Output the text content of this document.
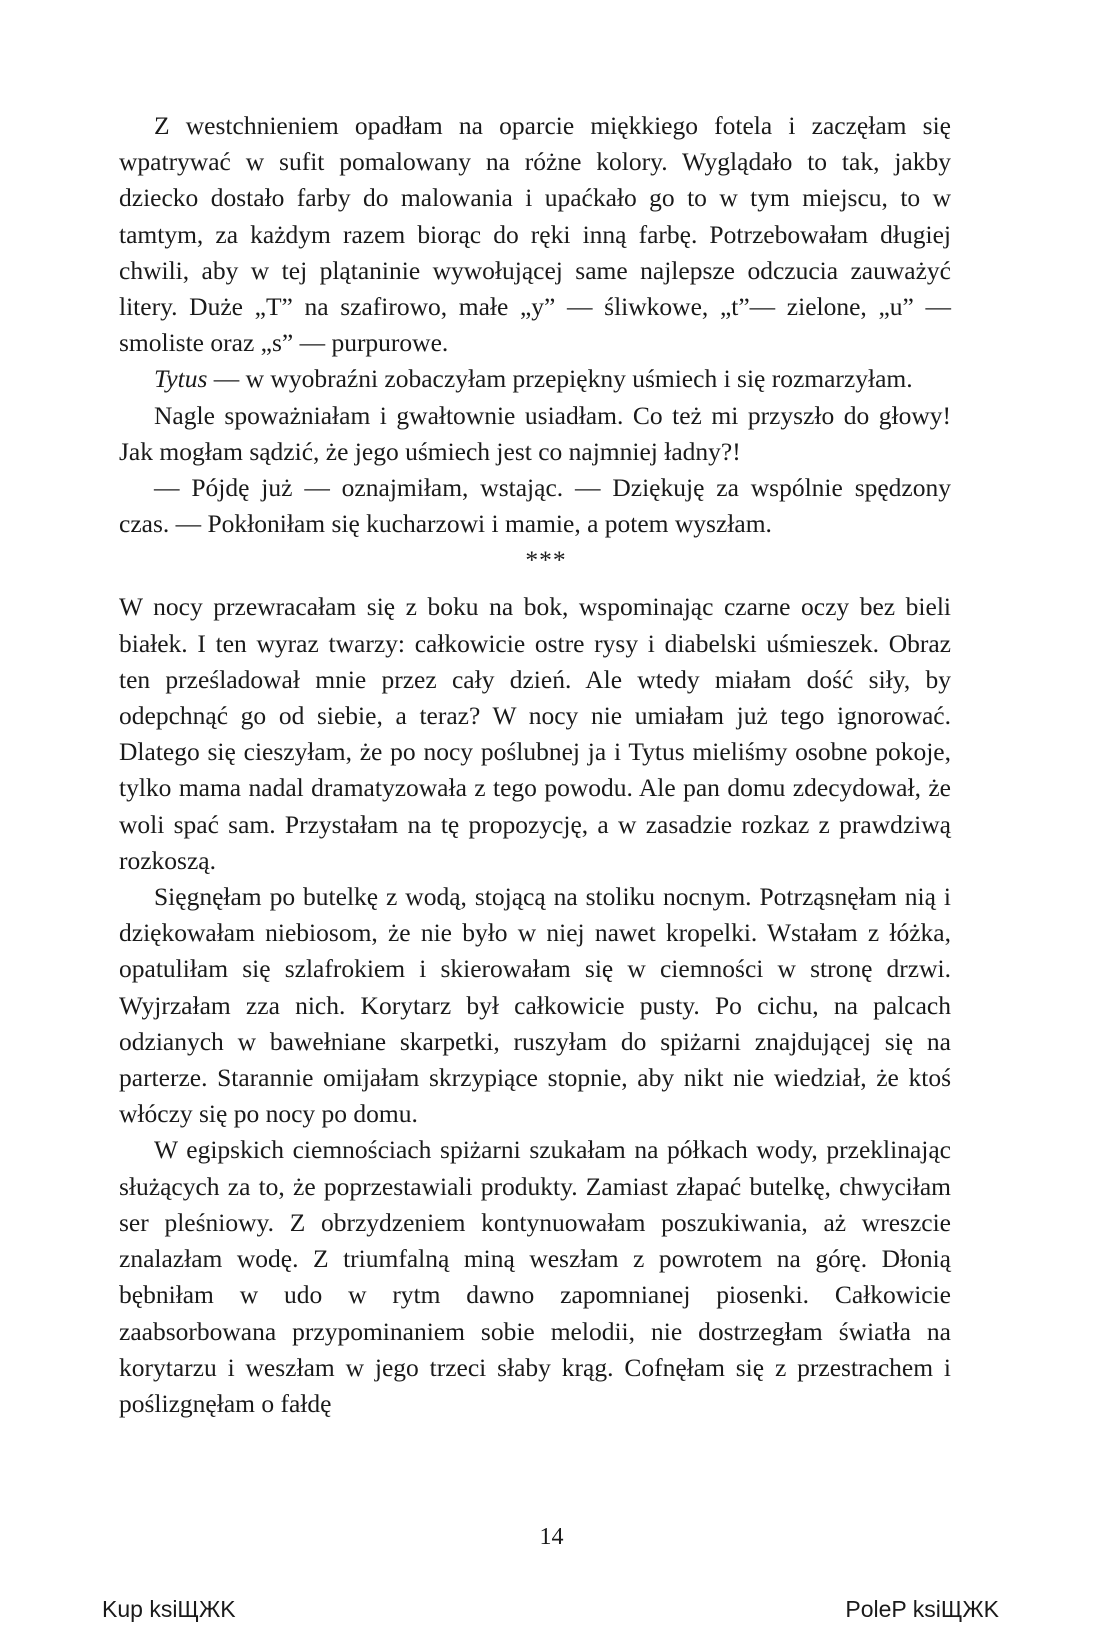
Z westchnieniem opadłam na oparcie miękkiego fotela i zaczęłam się wpatrywać w sufit pomalowany na różne kolory. Wyglądało to tak, jakby dziecko dostało farby do malowania i upaćkało go to w tym miejscu, to w tamtym, za każdym razem biorąc do ręki inną farbę. Potrzebowałam długiej chwili, aby w tej plątaninie wywołującej same najlepsze odczucia zauważyć litery. Duże „T” na szafirowo, małe „y” — śliwkowe, „t”— zielone, „u” — smoliste oraz „s” — purpurowe.

Tytus — w wyobraźni zobaczyłam przepiękny uśmiech i się rozmarzyłam.

Nagle spoważniałam i gwałtownie usiadłam. Co też mi przyszło do głowy! Jak mogłam sądzić, że jego uśmiech jest co najmniej ładny?!

— Pójdę już — oznajmiłam, wstając. — Dziękuję za wspólnie spędzony czas. — Pokłoniłam się kucharzowi i mamie, a potem wyszłam.

***

W nocy przewracałam się z boku na bok, wspominając czarne oczy bez bieli białek. I ten wyraz twarzy: całkowicie ostre rysy i diabelski uśmieszek. Obraz ten prześladował mnie przez cały dzień. Ale wtedy miałam dość siły, by odepchnąć go od siebie, a teraz? W nocy nie umiałam już tego ignorować. Dlatego się cieszyłam, że po nocy poślubnej ja i Tytus mieliśmy osobne pokoje, tylko mama nadal dramatyzowała z tego powodu. Ale pan domu zdecydował, że woli spać sam. Przystałam na tę propozycję, a w zasadzie rozkaz z prawdziwą rozkoszą.

Sięgnęłam po butelkę z wodą, stojącą na stoliku nocnym. Potrząsnęłam nią i dziękowałam niebiosom, że nie było w niej nawet kropelki. Wstałam z łóżka, opatuliłam się szlafrokiem i skierowałam się w ciemności w stronę drzwi. Wyjrzałam zza nich. Korytarz był całkowicie pusty. Po cichu, na palcach odzianych w bawełniane skarpetki, ruszyłam do spiżarni znajdującej się na parterze. Starannie omijałam skrzypiące stopnie, aby nikt nie wiedział, że ktoś włóczy się po nocy po domu.

W egipskich ciemnościach spiżarni szukałam na półkach wody, przeklinając służących za to, że poprzestawiali produkty. Zamiast złapać butelkę, chwyciłam ser pleśniowy. Z obrzydzeniem kontynuowałam poszukiwania, aż wreszcie znalazłam wodę. Z triumfalną miną weszłam z powrotem na górę. Dłonią bębniłam w udo w rytm dawno zapomnianej piosenki. Całkowicie zaabsorbowana przypominaniem sobie melodii, nie dostrzegłam światła na korytarzu i weszłam w jego trzeci słaby krąg. Cofnęłam się z przestrachem i poślizgnęłam o fałdę

14
Kup ksiЩЖK	PoleP ksiЩЖK
